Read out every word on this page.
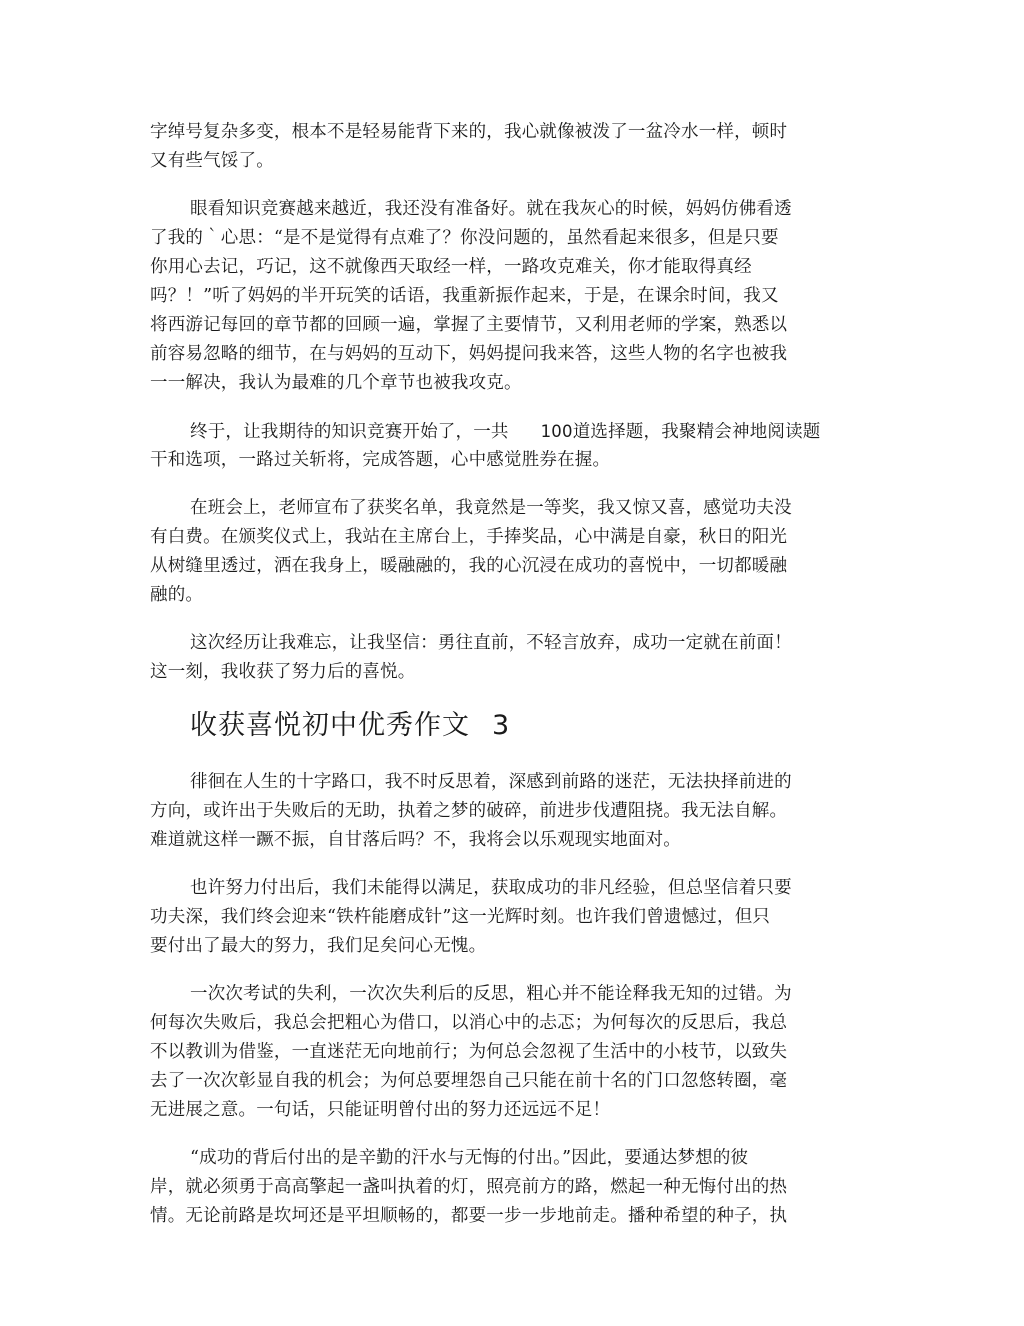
字绰号复杂多变，根本不是轻易能背下来的，我心就像被泼了一盆冷水一样，顿时
又有些气馁了。
眼看知识竞赛越来越近，我还没有准备好。就在我灰心的时候，妈妈仿佛看透
了我的｀心思：“是不是觉得有点难了？你没问题的，虽然看起来很多，但是只要
你用心去记，巧记，这不就像西天取经一样，一路攻克难关，你才能取得真经
吗？！”听了妈妈的半开玩笑的话语，我重新振作起来，于是，在课余时间，我又
将西游记每回的章节都的回顾一遍，掌握了主要情节，又利用老师的学案，熟悉以
前容易忽略的细节，在与妈妈的互动下，妈妈提问我来答，这些人物的名字也被我
一一解决，我认为最难的几个章节也被我攻克。
终于，让我期待的知识竞赛开始了，一共 100道选择题，我聚精会神地阅读题
干和选项，一路过关斩将，完成答题，心中感觉胜券在握。
在班会上，老师宣布了获奖名单，我竟然是一等奖，我又惊又喜，感觉功夫没
有白费。在颁奖仪式上，我站在主席台上，手捧奖品，心中满是自豪，秋日的阳光
从树缝里透过，洒在我身上，暖融融的，我的心沉浸在成功的喜悦中，一切都暖融
融的。
这次经历让我难忘，让我坚信：勇往直前，不轻言放弃，成功一定就在前面！
这一刻，我收获了努力后的喜悦。
收获喜悦初中优秀作文 3
徘徊在人生的十字路口，我不时反思着，深感到前路的迷茫，无法抉择前进的
方向，或许出于失败后的无助，执着之梦的破碎，前进步伐遭阻挠。我无法自解。
难道就这样一蹶不振，自甘落后吗？不，我将会以乐观现实地面对。
也许努力付出后，我们未能得以满足，获取成功的非凡经验，但总坚信着只要
功夫深，我们终会迎来“铁杵能磨成针”这一光辉时刻。也许我们曾遗憾过，但只
要付出了最大的努力，我们足矣问心无愧。
一次次考试的失利，一次次失利后的反思，粗心并不能诠释我无知的过错。为
何每次失败后，我总会把粗心为借口，以消心中的忐忑；为何每次的反思后，我总
不以教训为借鉴，一直迷茫无向地前行；为何总会忽视了生活中的小枝节，以致失
去了一次次彰显自我的机会；为何总要埋怨自己只能在前十名的门口忽悠转圈，毫
无进展之意。一句话，只能证明曾付出的努力还远远不足！
“成功的背后付出的是辛勤的汗水与无悔的付出。”因此，要通达梦想的彼
岸，就必须勇于高高擎起一盏叫执着的灯，照亮前方的路，燃起一种无悔付出的热
情。无论前路是坎坷还是平坦顺畅的，都要一步一步地前走。播种希望的种子，执
